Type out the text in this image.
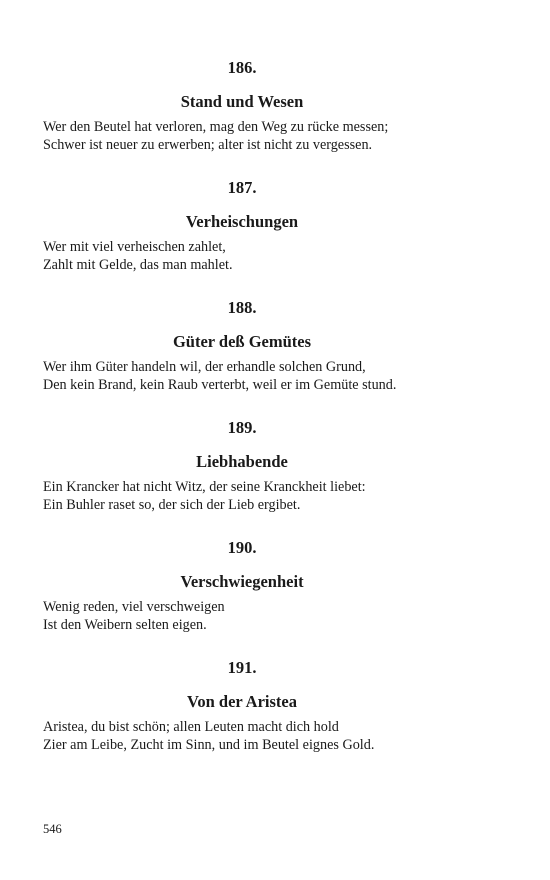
186.
Stand und Wesen
Wer den Beutel hat verloren, mag den Weg zu rücke messen;
Schwer ist neuer zu erwerben; alter ist nicht zu vergessen.
187.
Verheischungen
Wer mit viel verheischen zahlet,
Zahlt mit Gelde, das man mahlet.
188.
Güter deß Gemütes
Wer ihm Güter handeln wil, der erhandle solchen Grund,
Den kein Brand, kein Raub verterbt, weil er im Gemüte stund.
189.
Liebhabende
Ein Krancker hat nicht Witz, der seine Kranckheit liebet:
Ein Buhler raset so, der sich der Lieb ergibet.
190.
Verschwiegenheit
Wenig reden, viel verschweigen
Ist den Weibern selten eigen.
191.
Von der Aristea
Aristea, du bist schön; allen Leuten macht dich hold
Zier am Leibe, Zucht im Sinn, und im Beutel eignes Gold.
546
